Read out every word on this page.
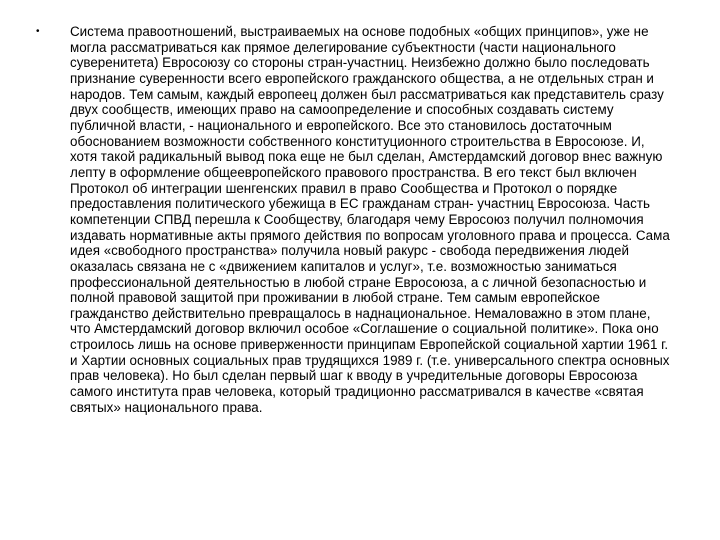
• Система правоотношений, выстраиваемых на основе подобных «общих принципов», уже не могла рассматриваться как прямое делегирование субъектности (части национального суверенитета) Евросоюзу со стороны стран-участниц. Неизбежно должно было последовать признание суверенности всего европейского гражданского общества, а не отдельных стран и народов. Тем самым, каждый европеец должен был рассматриваться как представитель сразу двух сообществ, имеющих право на самоопределение и способных создавать систему публичной власти, - национального и европейского. Все это становилось достаточным обоснованием возможности собственного конституционного строительства в Евросоюзе. И, хотя такой радикальный вывод пока еще не был сделан, Амстердамский договор внес важную лепту в оформление общеевропейского правового пространства. В его текст был включен Протокол об интеграции шенгенских правил в право Сообщества и Протокол о порядке предоставления политического убежища в ЕС гражданам стран- участниц Евросоюза. Часть компетенции СПВД перешла к Сообществу, благодаря чему Евросоюз получил полномочия издавать нормативные акты прямого действия по вопросам уголовного права и процесса. Сама идея «свободного пространства» получила новый ракурс - свобода передвижения людей оказалась связана не с «движением капиталов и услуг», т.е. возможностью заниматься профессиональной деятельностью в любой стране Евросоюза, а с личной безопасностью и полной правовой защитой при проживании в любой стране. Тем самым европейское гражданство действительно превращалось в наднациональное. Немаловажно в этом плане, что Амстердамский договор включил особое «Соглашение о социальной политике». Пока оно строилось лишь на основе приверженности принципам Европейской социальной хартии 1961 г. и Хартии основных социальных прав трудящихся 1989 г. (т.е. универсального спектра основных прав человека). Но был сделан первый шаг к вводу в учредительные договоры Евросоюза самого института прав человека, который традиционно рассматривался в качестве «святая святых» национального права.
